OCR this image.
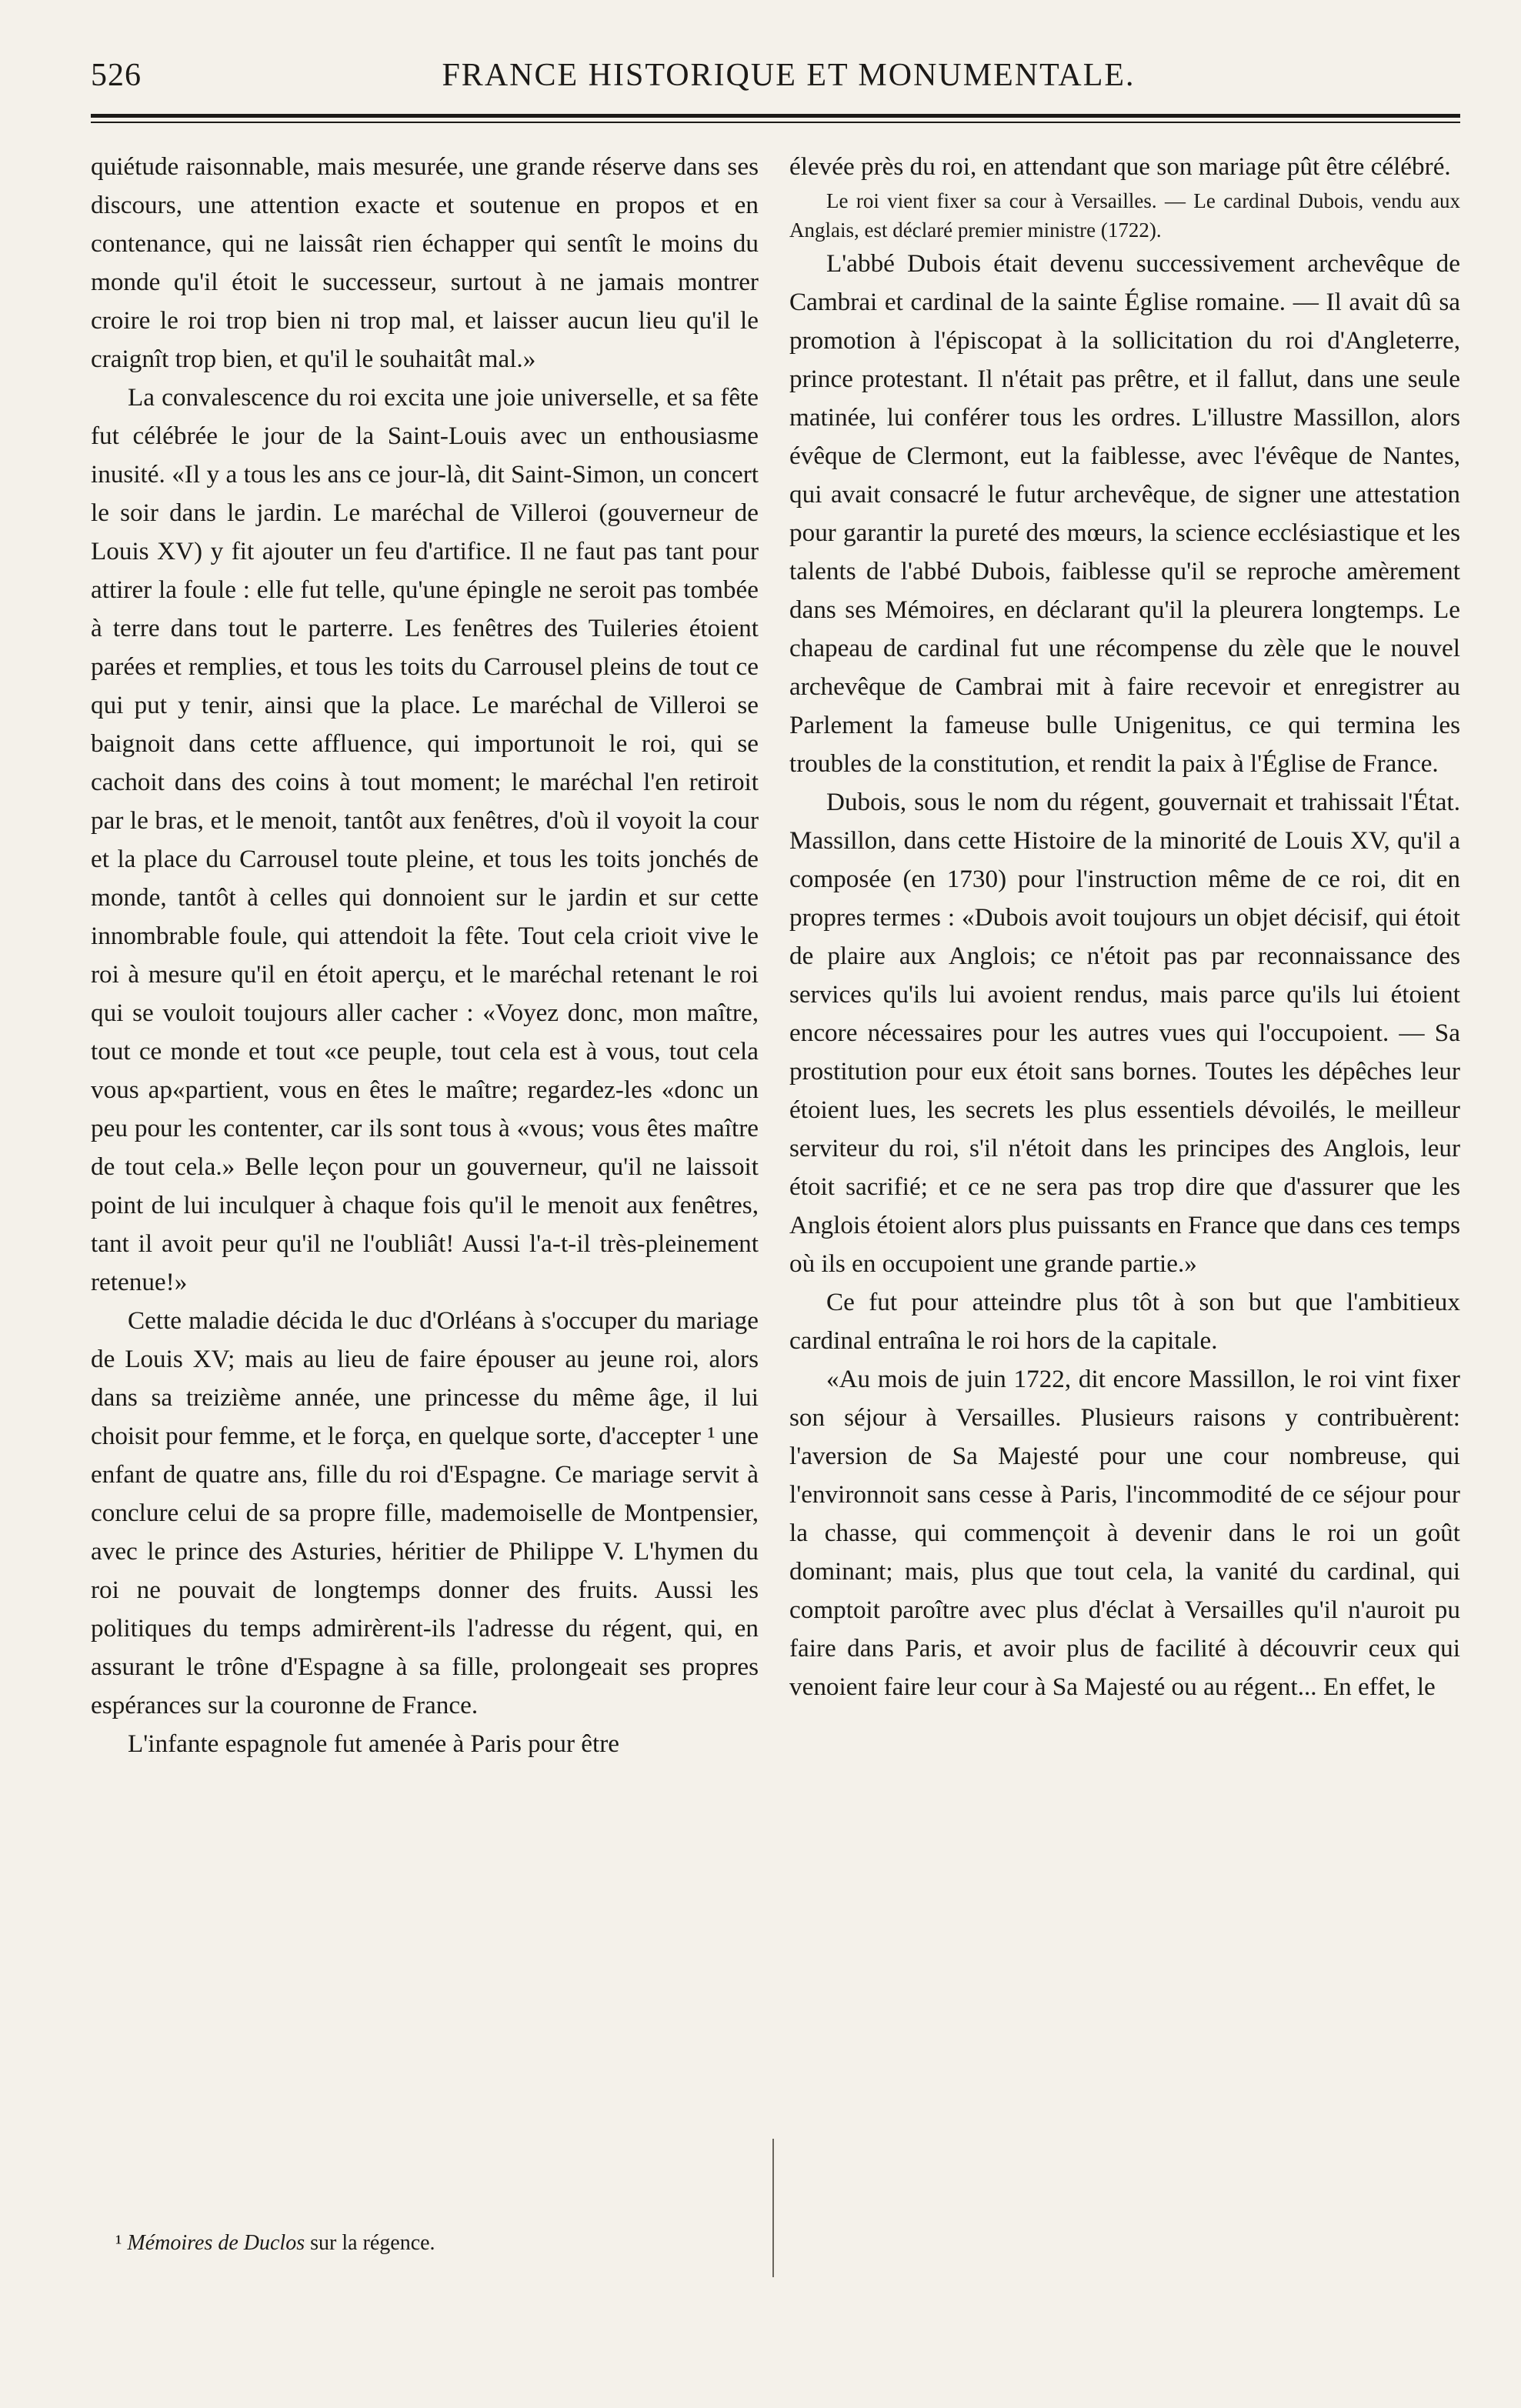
526	FRANCE HISTORIQUE ET MONUMENTALE.

quiétude raisonnable, mais mesurée, une grande réserve dans ses discours, une attention exacte et soutenue en propos et en contenance, qui ne laissât rien échapper qui sentît le moins du monde qu'il étoit le successeur, surtout à ne jamais montrer croire le roi trop bien ni trop mal, et laisser aucun lieu qu'il le craignît trop bien, et qu'il le souhaitât mal.»

La convalescence du roi excita une joie universelle, et sa fête fut célébrée le jour de la Saint-Louis avec un enthousiasme inusité. «Il y a tous les ans ce jour-là, dit Saint-Simon, un concert le soir dans le jardin. Le maréchal de Villeroi (gouverneur de Louis XV) y fit ajouter un feu d'artifice. Il ne faut pas tant pour attirer la foule : elle fut telle, qu'une épingle ne seroit pas tombée à terre dans tout le parterre. Les fenêtres des Tuileries étoient parées et remplies, et tous les toits du Carrousel pleins de tout ce qui put y tenir, ainsi que la place. Le maréchal de Villeroi se baignoit dans cette affluence, qui importunoit le roi, qui se cachoit dans des coins à tout moment; le maréchal l'en retiroit par le bras, et le menoit, tantôt aux fenêtres, d'où il voyoit la cour et la place du Carrousel toute pleine, et tous les toits jonchés de monde, tantôt à celles qui donnoient sur le jardin et sur cette innombrable foule, qui attendoit la fête. Tout cela crioit vive le roi à mesure qu'il en étoit aperçu, et le maréchal retenant le roi qui se vouloit toujours aller cacher : «Voyez donc, mon maître, tout ce monde et tout «ce peuple, tout cela est à vous, tout cela vous ap«partient, vous en êtes le maître; regardez-les «donc un peu pour les contenter, car ils sont tous à «vous; vous êtes maître de tout cela.» Belle leçon pour un gouverneur, qu'il ne laissoit point de lui inculquer à chaque fois qu'il le menoit aux fenêtres, tant il avoit peur qu'il ne l'oubliât! Aussi l'a-t-il très-pleinement retenue!»

Cette maladie décida le duc d'Orléans à s'occuper du mariage de Louis XV; mais au lieu de faire épouser au jeune roi, alors dans sa treizième année, une princesse du même âge, il lui choisit pour femme, et le força, en quelque sorte, d'accepter ¹ une enfant de quatre ans, fille du roi d'Espagne. Ce mariage servit à conclure celui de sa propre fille, mademoiselle de Montpensier, avec le prince des Asturies, héritier de Philippe V. L'hymen du roi ne pouvait de longtemps donner des fruits. Aussi les politiques du temps admirèrent-ils l'adresse du régent, qui, en assurant le trône d'Espagne à sa fille, prolongeait ses propres espérances sur la couronne de France.

L'infante espagnole fut amenée à Paris pour être

élevée près du roi, en attendant que son mariage pût être célébré.

Le roi vient fixer sa cour à Versailles. — Le cardinal Dubois, vendu aux Anglais, est déclaré premier ministre (1722).

L'abbé Dubois était devenu successivement archevêque de Cambrai et cardinal de la sainte Église romaine. — Il avait dû sa promotion à l'épiscopat à la sollicitation du roi d'Angleterre, prince protestant. Il n'était pas prêtre, et il fallut, dans une seule matinée, lui conférer tous les ordres. L'illustre Massillon, alors évêque de Clermont, eut la faiblesse, avec l'évêque de Nantes, qui avait consacré le futur archevêque, de signer une attestation pour garantir la pureté des mœurs, la science ecclésiastique et les talents de l'abbé Dubois, faiblesse qu'il se reproche amèrement dans ses Mémoires, en déclarant qu'il la pleurera longtemps. Le chapeau de cardinal fut une récompense du zèle que le nouvel archevêque de Cambrai mit à faire recevoir et enregistrer au Parlement la fameuse bulle Unigenitus, ce qui termina les troubles de la constitution, et rendit la paix à l'Église de France.

Dubois, sous le nom du régent, gouvernait et trahissait l'État. Massillon, dans cette Histoire de la minorité de Louis XV, qu'il a composée (en 1730) pour l'instruction même de ce roi, dit en propres termes : «Dubois avoit toujours un objet décisif, qui étoit de plaire aux Anglois; ce n'étoit pas par reconnaissance des services qu'ils lui avoient rendus, mais parce qu'ils lui étoient encore nécessaires pour les autres vues qui l'occupoient. — Sa prostitution pour eux étoit sans bornes. Toutes les dépêches leur étoient lues, les secrets les plus essentiels dévoilés, le meilleur serviteur du roi, s'il n'étoit dans les principes des Anglois, leur étoit sacrifié; et ce ne sera pas trop dire que d'assurer que les Anglois étoient alors plus puissants en France que dans ces temps où ils en occupoient une grande partie.»

Ce fut pour atteindre plus tôt à son but que l'ambitieux cardinal entraîna le roi hors de la capitale.

«Au mois de juin 1722, dit encore Massillon, le roi vint fixer son séjour à Versailles. Plusieurs raisons y contribuèrent: l'aversion de Sa Majesté pour une cour nombreuse, qui l'environnoit sans cesse à Paris, l'incommodité de ce séjour pour la chasse, qui commençoit à devenir dans le roi un goût dominant; mais, plus que tout cela, la vanité du cardinal, qui comptoit paroître avec plus d'éclat à Versailles qu'il n'auroit pu faire dans Paris, et avoir plus de facilité à découvrir ceux qui venoient faire leur cour à Sa Majesté ou au régent... En effet, le

¹ Mémoires de Duclos sur la régence.
